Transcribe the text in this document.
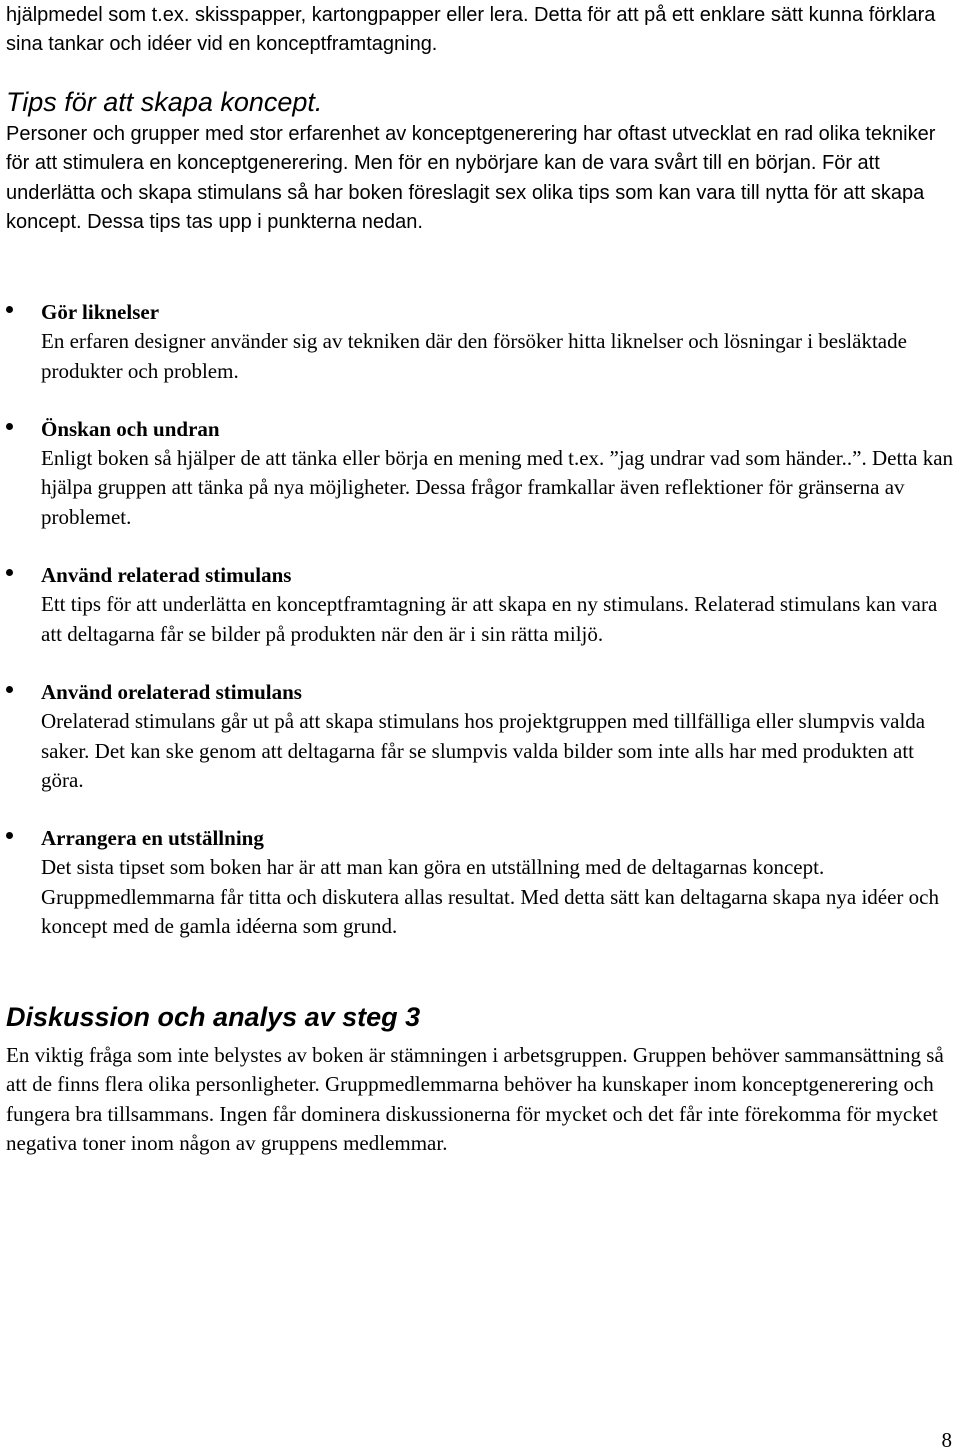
hjälpmedel som t.ex. skisspapper, kartongpapper eller lera. Detta för att på ett enklare sätt kunna förklara sina tankar och idéer vid en konceptframtagning.

Tips för att skapa koncept.

Personer och grupper med stor erfarenhet av konceptgenerering har oftast utvecklat en rad olika tekniker för att stimulera en konceptgenerering. Men för en nybörjare kan de vara svårt till en början. För att underlätta och skapa stimulans så har boken föreslagit sex olika tips som kan vara till nytta för att skapa koncept. Dessa tips tas upp i punkterna nedan.

Gör liknelser

En erfaren designer använder sig av tekniken där den försöker hitta liknelser och lösningar i besläktade produkter och problem.

Önskan och undran

Enligt boken så hjälper de att tänka eller börja en mening med t.ex. ”jag undrar vad som händer..”. Detta kan hjälpa gruppen att tänka på nya möjligheter. Dessa frågor framkallar även reflektioner för gränserna av problemet.

Använd relaterad stimulans

Ett tips för att underlätta en konceptframtagning är att skapa en ny stimulans. Relaterad stimulans kan vara att deltagarna får se bilder på produkten när den är i sin rätta miljö.

Använd orelaterad stimulans

Orelaterad stimulans går ut på att skapa stimulans hos projektgruppen med tillfälliga eller slumpvis valda saker. Det kan ske genom att deltagarna får se slumpvis valda bilder som inte alls har med produkten att göra.

Arrangera en utställning

Det sista tipset som boken har är att man kan göra en utställning med de deltagarnas koncept. Gruppmedlemmarna får titta och diskutera allas resultat. Med detta sätt kan deltagarna skapa nya idéer och koncept med de gamla idéerna som grund.

Diskussion och analys av steg 3

En viktig fråga som inte belystes av boken är stämningen i arbetsgruppen. Gruppen behöver sammansättning så att de finns flera olika personligheter. Gruppmedlemmarna behöver ha kunskaper inom konceptgenerering och fungera bra tillsammans. Ingen får dominera diskussionerna för mycket och det får inte förekomma för mycket negativa toner inom någon av gruppens medlemmar.

8
